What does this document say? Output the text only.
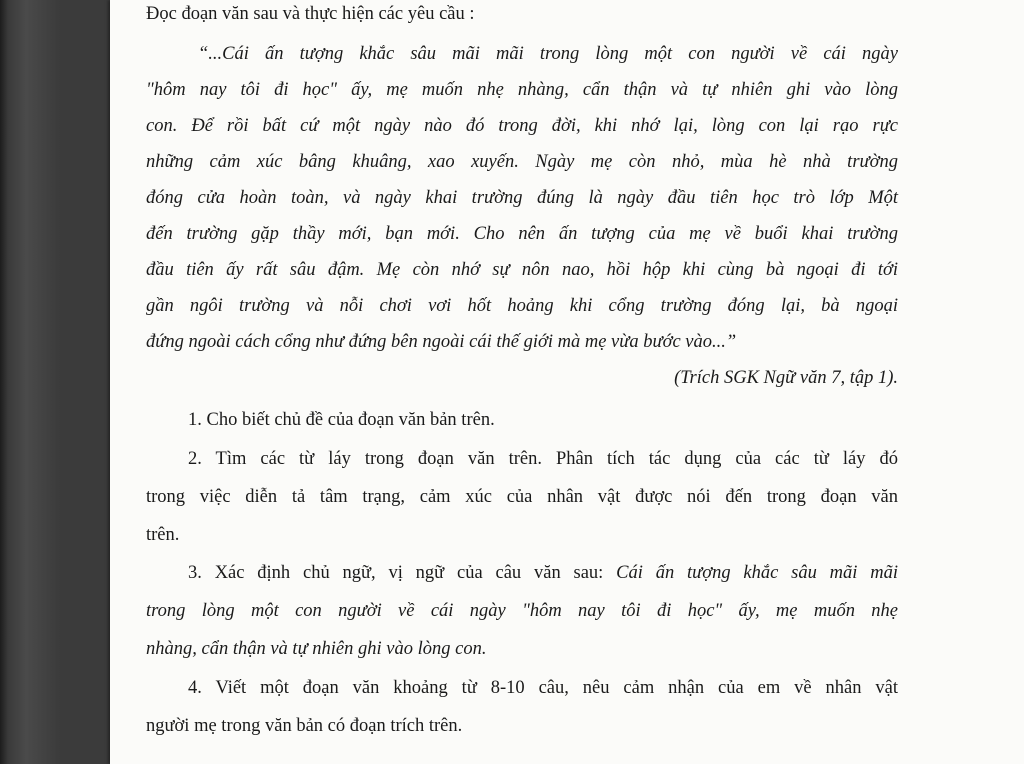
Đọc đoạn văn sau và thực hiện các yêu cầu :
“...Cái ấn tượng khắc sâu mãi mãi trong lòng một con người về cái ngày
"hôm nay tôi đi học" ấy, mẹ muốn nhẹ nhàng, cẩn thận và tự nhiên ghi vào lòng
con. Để rồi bất cứ một ngày nào đó trong đời, khi nhớ lại, lòng con lại rạo rực
những cảm xúc bâng khuâng, xao xuyến. Ngày mẹ còn nhỏ, mùa hè nhà trường
đóng cửa hoàn toàn, và ngày khai trường đúng là ngày đầu tiên học trò lớp Một
đến trường gặp thầy mới, bạn mới. Cho nên ấn tượng của mẹ về buổi khai trường
đầu tiên ấy rất sâu đậm. Mẹ còn nhớ sự nôn nao, hồi hộp khi cùng bà ngoại đi tới
gần ngôi trường và nỗi chơi vơi hốt hoảng khi cổng trường đóng lại, bà ngoại
đứng ngoài cách cổng như đứng bên ngoài cái thế giới mà mẹ vừa bước vào...”
(Trích SGK Ngữ văn 7, tập 1).
1. Cho biết chủ đề của đoạn văn bản trên.
2. Tìm các từ láy trong đoạn văn trên. Phân tích tác dụng của các từ láy đó
trong việc diễn tả tâm trạng, cảm xúc của nhân vật được nói đến trong đoạn văn
trên.
3. Xác định chủ ngữ, vị ngữ của câu văn sau: Cái ấn tượng khắc sâu mãi mãi
trong lòng một con người về cái ngày "hôm nay tôi đi học" ấy, mẹ muốn nhẹ
nhàng, cẩn thận và tự nhiên ghi vào lòng con.
4. Viết một đoạn văn khoảng từ 8-10 câu, nêu cảm nhận của em về nhân vật
người mẹ trong văn bản có đoạn trích trên.
